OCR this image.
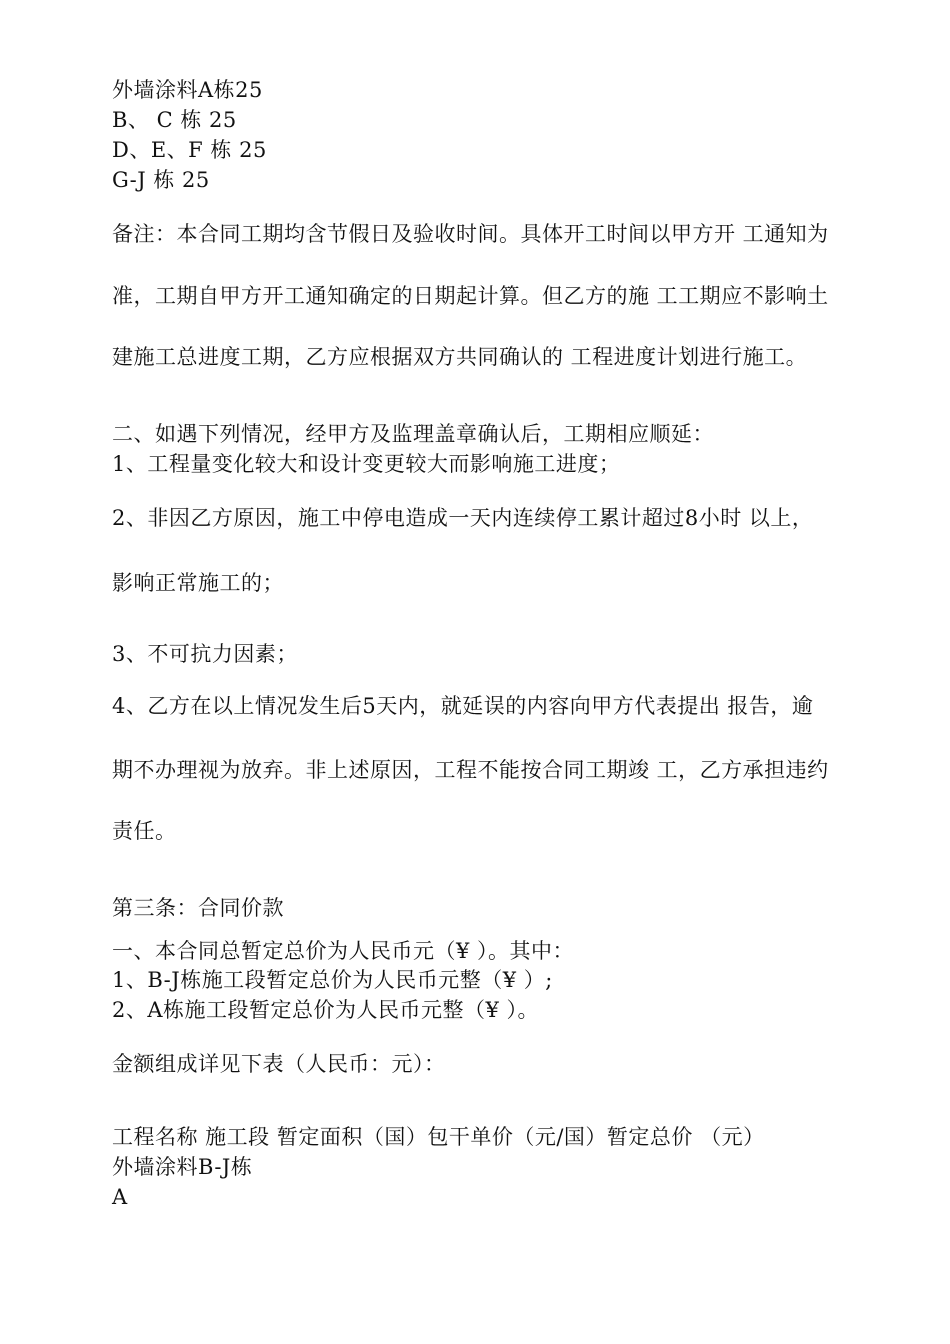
外墙涂料A栋25
B、 C 栋 25
D、E、F 栋 25
G-J 栋 25
备注：本合同工期均含节假日及验收时间。具体开工时间以甲方开 工通知为
准，工期自甲方开工通知确定的日期起计算。但乙方的施 工工期应不影响土
建施工总进度工期，乙方应根据双方共同确认的 工程进度计划进行施工。
二、如遇下列情况，经甲方及监理盖章确认后，工期相应顺延：
1、工程量变化较大和设计变更较大而影响施工进度；
2、非因乙方原因，施工中停电造成一天内连续停工累计超过8小时 以上，
影响正常施工的；
3、不可抗力因素；
4、乙方在以上情况发生后5天内，就延误的内容向甲方代表提出 报告，逾
期不办理视为放弃。非上述原因，工程不能按合同工期竣 工，乙方承担违约
责任。
第三条：合同价款
一、本合同总暂定总价为人民币元（¥ ）。其中：
1、B-J栋施工段暂定总价为人民币元整（¥ ）;
2、A栋施工段暂定总价为人民币元整（¥ ）。
金额组成详见下表（人民币：元）：
工程名称 施工段 暂定面积（国）包干单价（元/国）暂定总价 （元）
外墙涂料B-J栋
A
